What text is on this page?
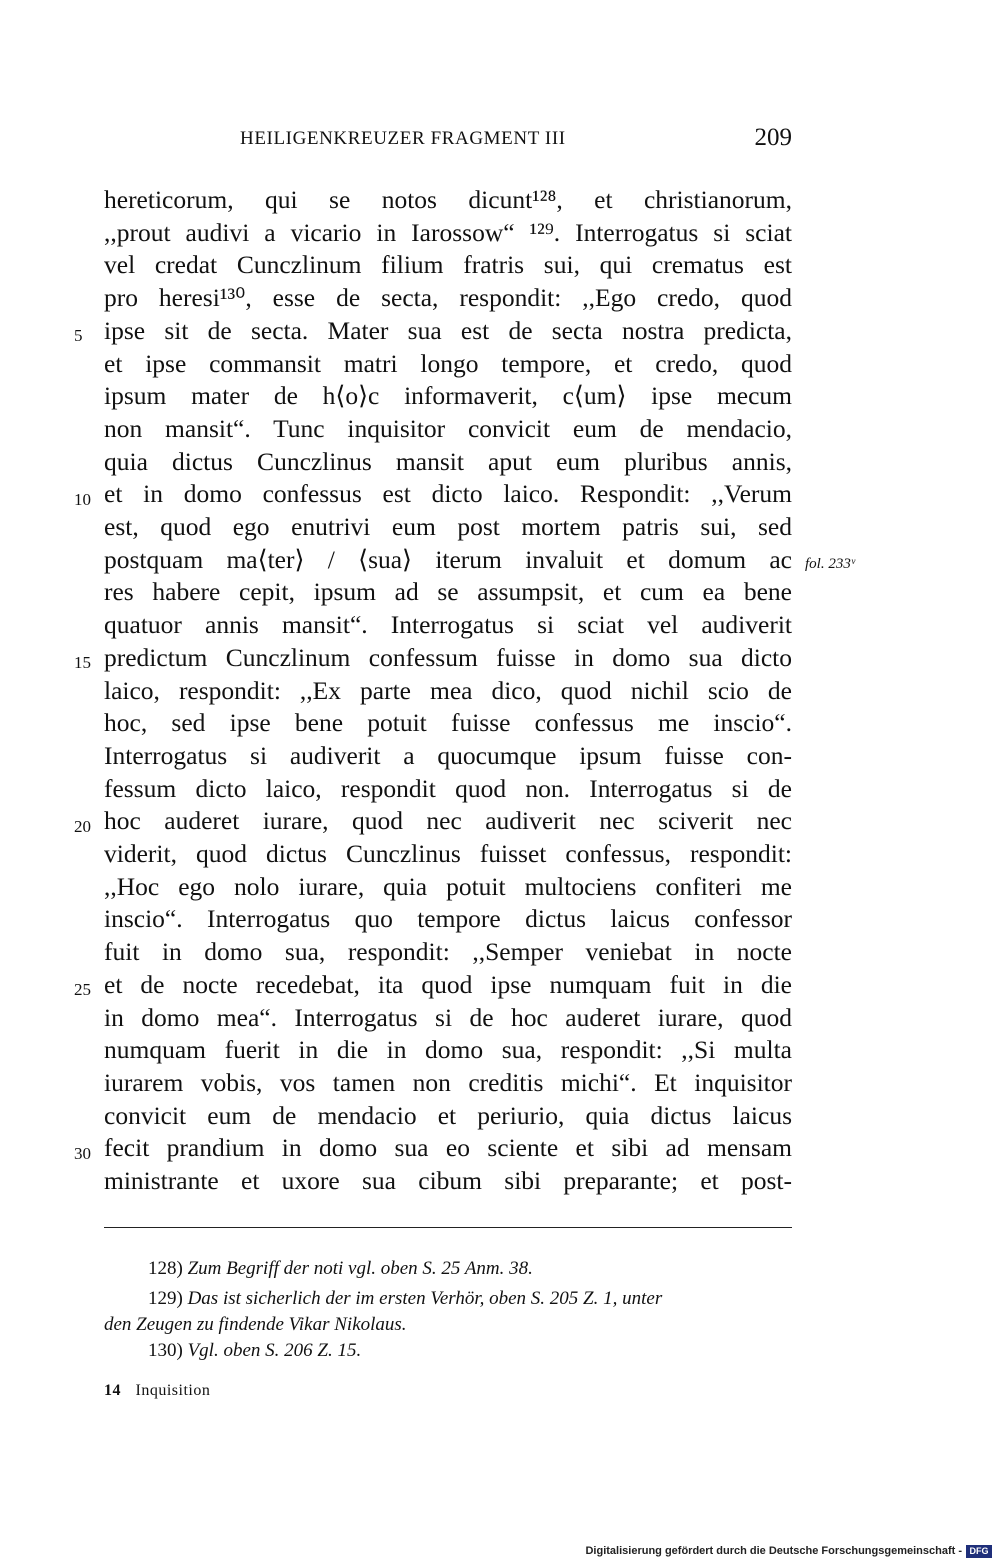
HEILIGENKREUZER FRAGMENT III	209
hereticorum, qui se notos dicunt¹²⁸, et christianorum,
,,prout audivi a vicario in Iarossow“ ¹²⁹. Interrogatus si sciat
vel credat Cunczlinum filium fratris sui, qui crematus est
pro heresi¹³⁰, esse de secta, respondit: ,,Ego credo, quod
ipse sit de secta. Mater sua est de secta nostra predicta,
et ipse commansit matri longo tempore, et credo, quod
ipsum mater de h⟨o⟩c informaverit, c⟨um⟩ ipse mecum
non mansit“. Tunc inquisitor convicit eum de mendacio,
quia dictus Cunczlinus mansit aput eum pluribus annis,
et in domo confessus est dicto laico. Respondit: ,,Verum
est, quod ego enutrivi eum post mortem patris sui, sed
postquam ma⟨ter⟩ / ⟨sua⟩ iterum invaluit et domum ac
res habere cepit, ipsum ad se assumpsit, et cum ea bene
quatuor annis mansit“. Interrogatus si sciat vel audiverit
predictum Cunczlinum confessum fuisse in domo sua dicto
laico, respondit: ,,Ex parte mea dico, quod nichil scio de
hoc, sed ipse bene potuit fuisse confessus me inscio“.
Interrogatus si audiverit a quocumque ipsum fuisse con-
fessum dicto laico, respondit quod non. Interrogatus si de
hoc auderet iurare, quod nec audiverit nec sciverit nec
viderit, quod dictus Cunczlinus fuisset confessus, respondit:
,,Hoc ego nolo iurare, quia potuit multociens confiteri me
inscio“. Interrogatus quo tempore dictus laicus confessor
fuit in domo sua, respondit: ,,Semper veniebat in nocte
et de nocte recedebat, ita quod ipse numquam fuit in die
in domo mea“. Interrogatus si de hoc auderet iurare, quod
numquam fuerit in die in domo sua, respondit: ,,Si multa
iurarem vobis, vos tamen non creditis michi“. Et inquisitor
convicit eum de mendacio et periurio, quia dictus laicus
fecit prandium in domo sua eo sciente et sibi ad mensam
ministrante et uxore sua cibum sibi preparante; et post-
5
10
15
20
25
30
fol. 233ᵛ
128) Zum Begriff der noti vgl. oben S. 25 Anm. 38.
129) Das ist sicherlich der im ersten Verhör, oben S. 205 Z. 1, unter
den Zeugen zu findende Vikar Nikolaus.
130) Vgl. oben S. 206 Z. 15.
14 Inquisition
Digitalisierung gefördert durch die Deutsche Forschungsgemeinschaft - DFG
